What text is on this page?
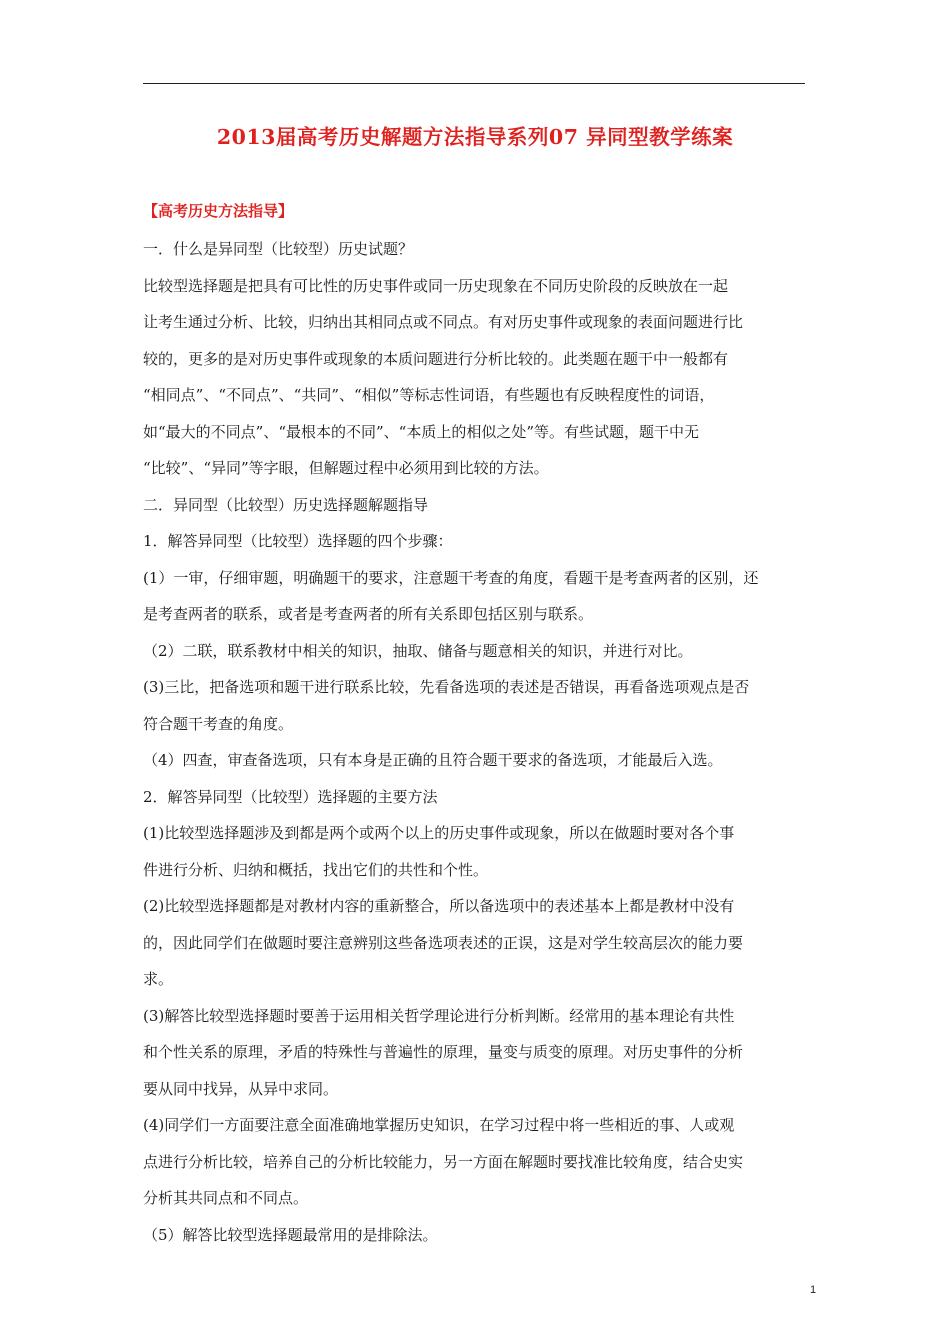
2013届高考历史解题方法指导系列07 异同型教学练案
【高考历史方法指导】
一．什么是异同型（比较型）历史试题？
比较型选择题是把具有可比性的历史事件或同一历史现象在不同历史阶段的反映放在一起
让考生通过分析、比较，归纳出其相同点或不同点。有对历史事件或现象的表面问题进行比
较的，更多的是对历史事件或现象的本质问题进行分析比较的。此类题在题干中一般都有
“相同点”、“不同点”、“共同”、“相似”等标志性词语，有些题也有反映程度性的词语，
如“最大的不同点”、“最根本的不同”、“本质上的相似之处”等。有些试题，题干中无
“比较”、“异同”等字眼，但解题过程中必须用到比较的方法。
二．异同型（比较型）历史选择题解题指导
1．解答异同型（比较型）选择题的四个步骤：
(1）一审，仔细审题，明确题干的要求，注意题干考查的角度，看题干是考查两者的区别，还
是考查两者的联系，或者是考查两者的所有关系即包括区别与联系。
（2）二联，联系教材中相关的知识，抽取、储备与题意相关的知识，并进行对比。
(3)三比，把备选项和题干进行联系比较，先看备选项的表述是否错误，再看备选项观点是否
符合题干考查的角度。
（4）四查，审查备选项，只有本身是正确的且符合题干要求的备选项，才能最后入选。
2．解答异同型（比较型）选择题的主要方法
(1)比较型选择题涉及到都是两个或两个以上的历史事件或现象，所以在做题时要对各个事
件进行分析、归纳和概括，找出它们的共性和个性。
(2)比较型选择题都是对教材内容的重新整合，所以备选项中的表述基本上都是教材中没有
的，因此同学们在做题时要注意辨别这些备选项表述的正误，这是对学生较高层次的能力要
求。
(3)解答比较型选择题时要善于运用相关哲学理论进行分析判断。经常用的基本理论有共性
和个性关系的原理，矛盾的特殊性与普遍性的原理，量变与质变的原理。对历史事件的分析
要从同中找异，从异中求同。
(4)同学们一方面要注意全面准确地掌握历史知识，在学习过程中将一些相近的事、人或观
点进行分析比较，培养自己的分析比较能力，另一方面在解题时要找准比较角度，结合史实
分析其共同点和不同点。
（5）解答比较型选择题最常用的是排除法。
1
